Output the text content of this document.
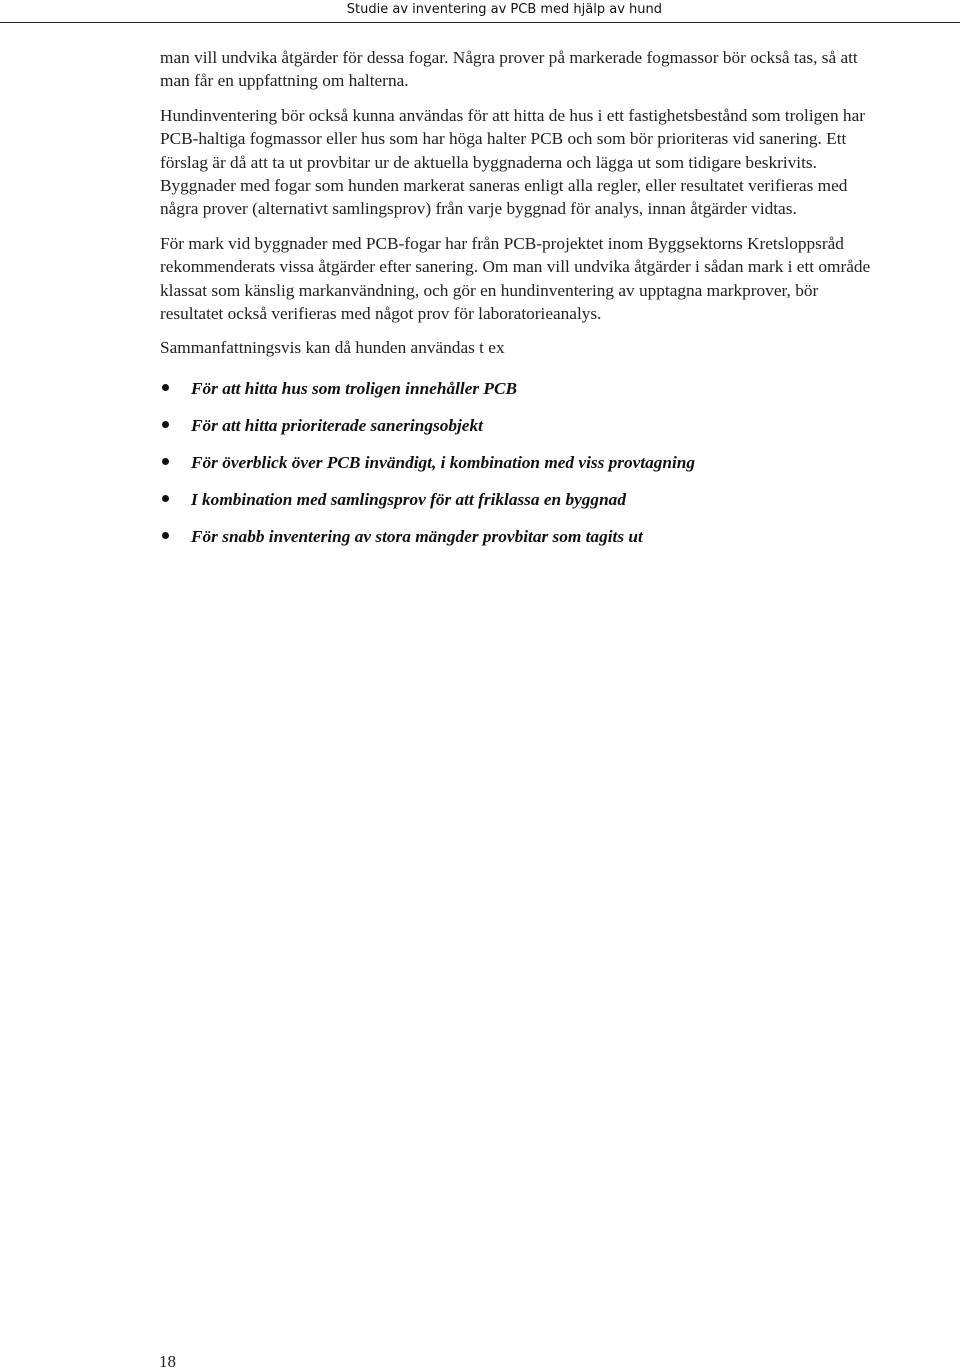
Studie av inventering av PCB med hjälp av hund

man vill undvika åtgärder för dessa fogar. Några prover på markerade fogmassor bör också tas, så att man får en uppfattning om halterna.

Hundinventering bör också kunna användas för att hitta de hus i ett fastighetsbestånd som troligen har PCB-haltiga fogmassor eller hus som har höga halter PCB och som bör prioriteras vid sanering. Ett förslag är då att ta ut provbitar ur de aktuella byggnaderna och lägga ut som tidigare beskrivits. Byggnader med fogar som hunden markerat saneras enligt alla regler, eller resultatet verifieras med några prover (alternativt samlingsprov) från varje byggnad för analys, innan åtgärder vidtas.

För mark vid byggnader med PCB-fogar har från PCB-projektet inom Byggsektorns Kretsloppsråd rekommenderats vissa åtgärder efter sanering. Om man vill undvika åtgärder i sådan mark i ett område klassat som känslig markanvändning, och gör en hundinventering av upptagna markprover, bör resultatet också verifieras med något prov för laboratorieanalys.

Sammanfattningsvis kan då hunden användas t ex

För att hitta hus som troligen innehåller PCB
För att hitta prioriterade saneringsobjekt
För överblick över PCB invändigt, i kombination med viss provtagning
I kombination med samlingsprov för att friklassa en byggnad
För snabb inventering av stora mängder provbitar som tagits ut
18
